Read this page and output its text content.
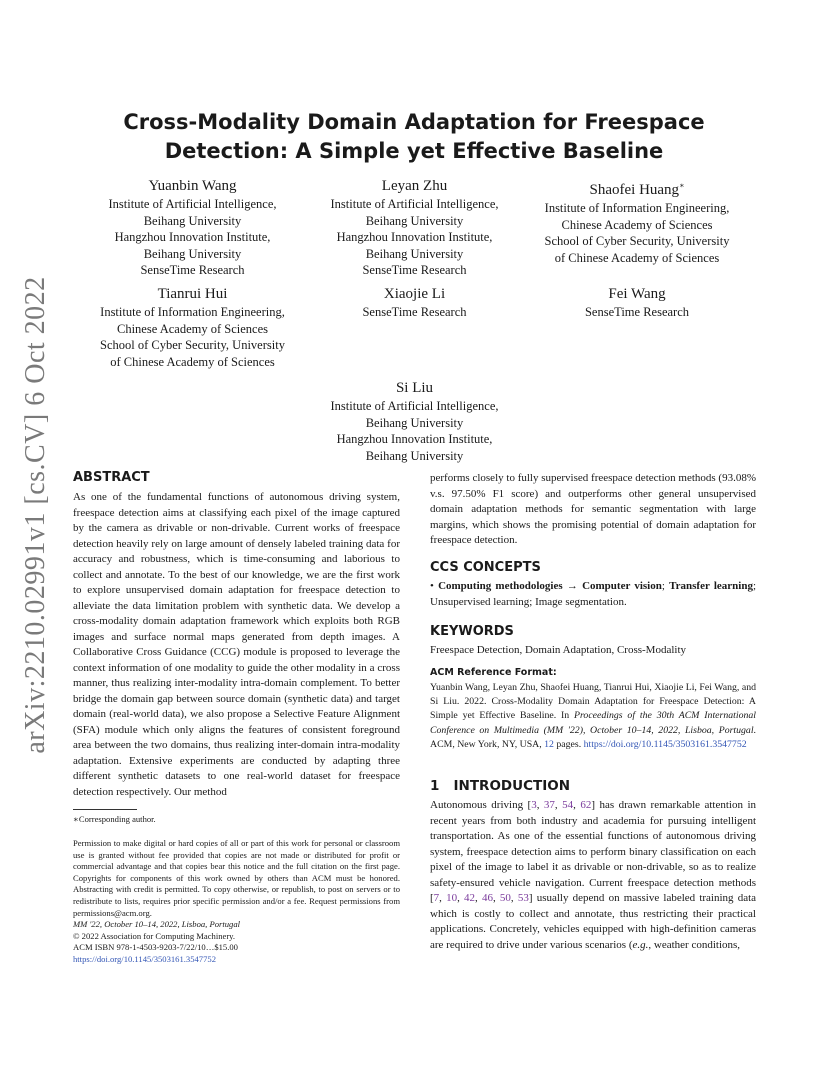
arXiv:2210.02991v1 [cs.CV] 6 Oct 2022
Cross-Modality Domain Adaptation for Freespace Detection: A Simple yet Effective Baseline
Yuanbin Wang
Institute of Artificial Intelligence,
Beihang University
Hangzhou Innovation Institute,
Beihang University
SenseTime Research
Leyan Zhu
Institute of Artificial Intelligence,
Beihang University
Hangzhou Innovation Institute,
Beihang University
SenseTime Research
Shaofei Huang∗
Institute of Information Engineering,
Chinese Academy of Sciences
School of Cyber Security, University
of Chinese Academy of Sciences
Tianrui Hui
Institute of Information Engineering,
Chinese Academy of Sciences
School of Cyber Security, University
of Chinese Academy of Sciences
Xiaojie Li
SenseTime Research
Fei Wang
SenseTime Research
Si Liu
Institute of Artificial Intelligence,
Beihang University
Hangzhou Innovation Institute,
Beihang University
ABSTRACT
As one of the fundamental functions of autonomous driving system, freespace detection aims at classifying each pixel of the image captured by the camera as drivable or non-drivable. Current works of freespace detection heavily rely on large amount of densely labeled training data for accuracy and robustness, which is time-consuming and laborious to collect and annotate. To the best of our knowledge, we are the first work to explore unsupervised domain adaptation for freespace detection to alleviate the data limitation problem with synthetic data. We develop a cross-modality domain adaptation framework which exploits both RGB images and surface normal maps generated from depth images. A Collaborative Cross Guidance (CCG) module is proposed to leverage the context information of one modality to guide the other modality in a cross manner, thus realizing inter-modality intra-domain complement. To better bridge the domain gap between source domain (synthetic data) and target domain (real-world data), we also propose a Selective Feature Alignment (SFA) module which only aligns the features of consistent foreground area between the two domains, thus realizing inter-domain intra-modality adaptation. Extensive experiments are conducted by adapting three different synthetic datasets to one real-world dataset for freespace detection respectively. Our method
∗Corresponding author.
Permission to make digital or hard copies of all or part of this work for personal or classroom use is granted without fee provided that copies are not made or distributed for profit or commercial advantage and that copies bear this notice and the full citation on the first page. Copyrights for components of this work owned by others than ACM must be honored. Abstracting with credit is permitted. To copy otherwise, or republish, to post on servers or to redistribute to lists, requires prior specific permission and/or a fee. Request permissions from permissions@acm.org.
MM '22, October 10–14, 2022, Lisboa, Portugal
© 2022 Association for Computing Machinery.
ACM ISBN 978-1-4503-9203-7/22/10…$15.00
https://doi.org/10.1145/3503161.3547752
performs closely to fully supervised freespace detection methods (93.08% v.s. 97.50% F1 score) and outperforms other general unsupervised domain adaptation methods for semantic segmentation with large margins, which shows the promising potential of domain adaptation for freespace detection.
CCS CONCEPTS
• Computing methodologies → Computer vision; Transfer learning; Unsupervised learning; Image segmentation.
KEYWORDS
Freespace Detection, Domain Adaptation, Cross-Modality
ACM Reference Format:
Yuanbin Wang, Leyan Zhu, Shaofei Huang, Tianrui Hui, Xiaojie Li, Fei Wang, and Si Liu. 2022. Cross-Modality Domain Adaptation for Freespace Detection: A Simple yet Effective Baseline. In Proceedings of the 30th ACM International Conference on Multimedia (MM '22), October 10–14, 2022, Lisboa, Portugal. ACM, New York, NY, USA, 12 pages. https://doi.org/10.1145/3503161.3547752
1 INTRODUCTION
Autonomous driving [3, 37, 54, 62] has drawn remarkable attention in recent years from both industry and academia for pursuing intelligent transportation. As one of the essential functions of autonomous driving system, freespace detection aims to perform binary classification on each pixel of the image to label it as drivable or non-drivable, so as to realize safety-ensured vehicle navigation. Current freespace detection methods [7, 10, 42, 46, 50, 53] usually depend on massive labeled training data which is costly to collect and annotate, thus restricting their practical applications. Concretely, vehicles equipped with high-definition cameras are required to drive under various scenarios (e.g., weather conditions,
